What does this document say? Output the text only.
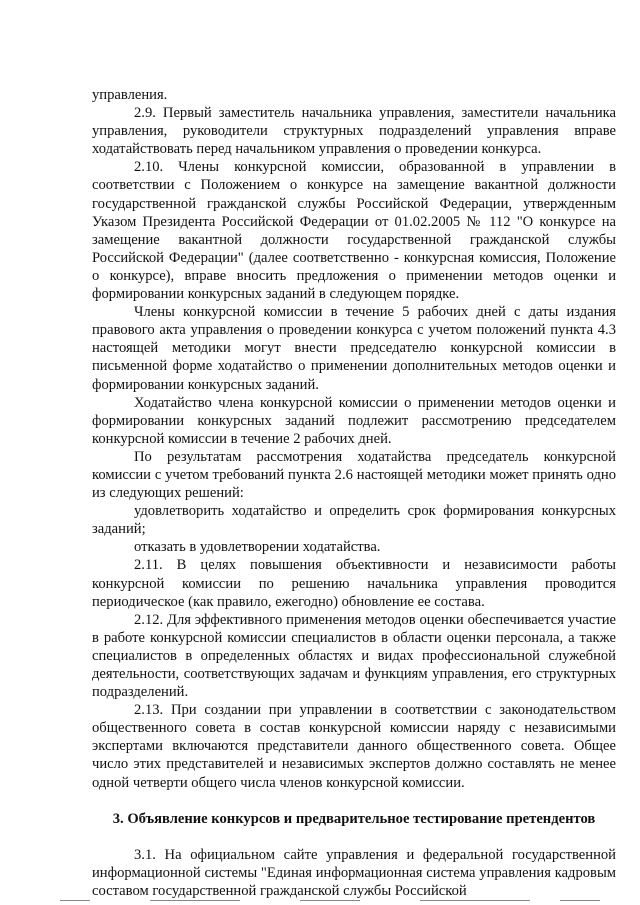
управления.

2.9. Первый заместитель начальника управления, заместители начальника управления, руководители структурных подразделений управления вправе ходатайствовать перед начальником управления о проведении конкурса.

2.10. Члены конкурсной комиссии, образованной в управлении в соответствии с Положением о конкурсе на замещение вакантной должности государственной гражданской службы Российской Федерации, утвержденным Указом Президента Российской Федерации от 01.02.2005 № 112 "О конкурсе на замещение вакантной должности государственной гражданской службы Российской Федерации" (далее соответственно - конкурсная комиссия, Положение о конкурсе), вправе вносить предложения о применении методов оценки и формировании конкурсных заданий в следующем порядке.

Члены конкурсной комиссии в течение 5 рабочих дней с даты издания правового акта управления о проведении конкурса с учетом положений пункта 4.3 настоящей методики могут внести председателю конкурсной комиссии в письменной форме ходатайство о применении дополнительных методов оценки и формировании конкурсных заданий.

Ходатайство члена конкурсной комиссии о применении методов оценки и формировании конкурсных заданий подлежит рассмотрению председателем конкурсной комиссии в течение 2 рабочих дней.

По результатам рассмотрения ходатайства председатель конкурсной комиссии с учетом требований пункта 2.6 настоящей методики может принять одно из следующих решений:

удовлетворить ходатайство и определить срок формирования конкурсных заданий;

отказать в удовлетворении ходатайства.

2.11. В целях повышения объективности и независимости работы конкурсной комиссии по решению начальника управления проводится периодическое (как правило, ежегодно) обновление ее состава.

2.12. Для эффективного применения методов оценки обеспечивается участие в работе конкурсной комиссии специалистов в области оценки персонала, а также специалистов в определенных областях и видах профессиональной служебной деятельности, соответствующих задачам и функциям управления, его структурных подразделений.

2.13. При создании при управлении в соответствии с законодательством общественного совета в состав конкурсной комиссии наряду с независимыми экспертами включаются представители данного общественного совета. Общее число этих представителей и независимых экспертов должно составлять не менее одной четверти общего числа членов конкурсной комиссии.

3. Объявление конкурсов и предварительное тестирование претендентов

3.1. На официальном сайте управления и федеральной государственной информационной системы "Единая информационная система управления кадровым составом государственной гражданской службы Российской
